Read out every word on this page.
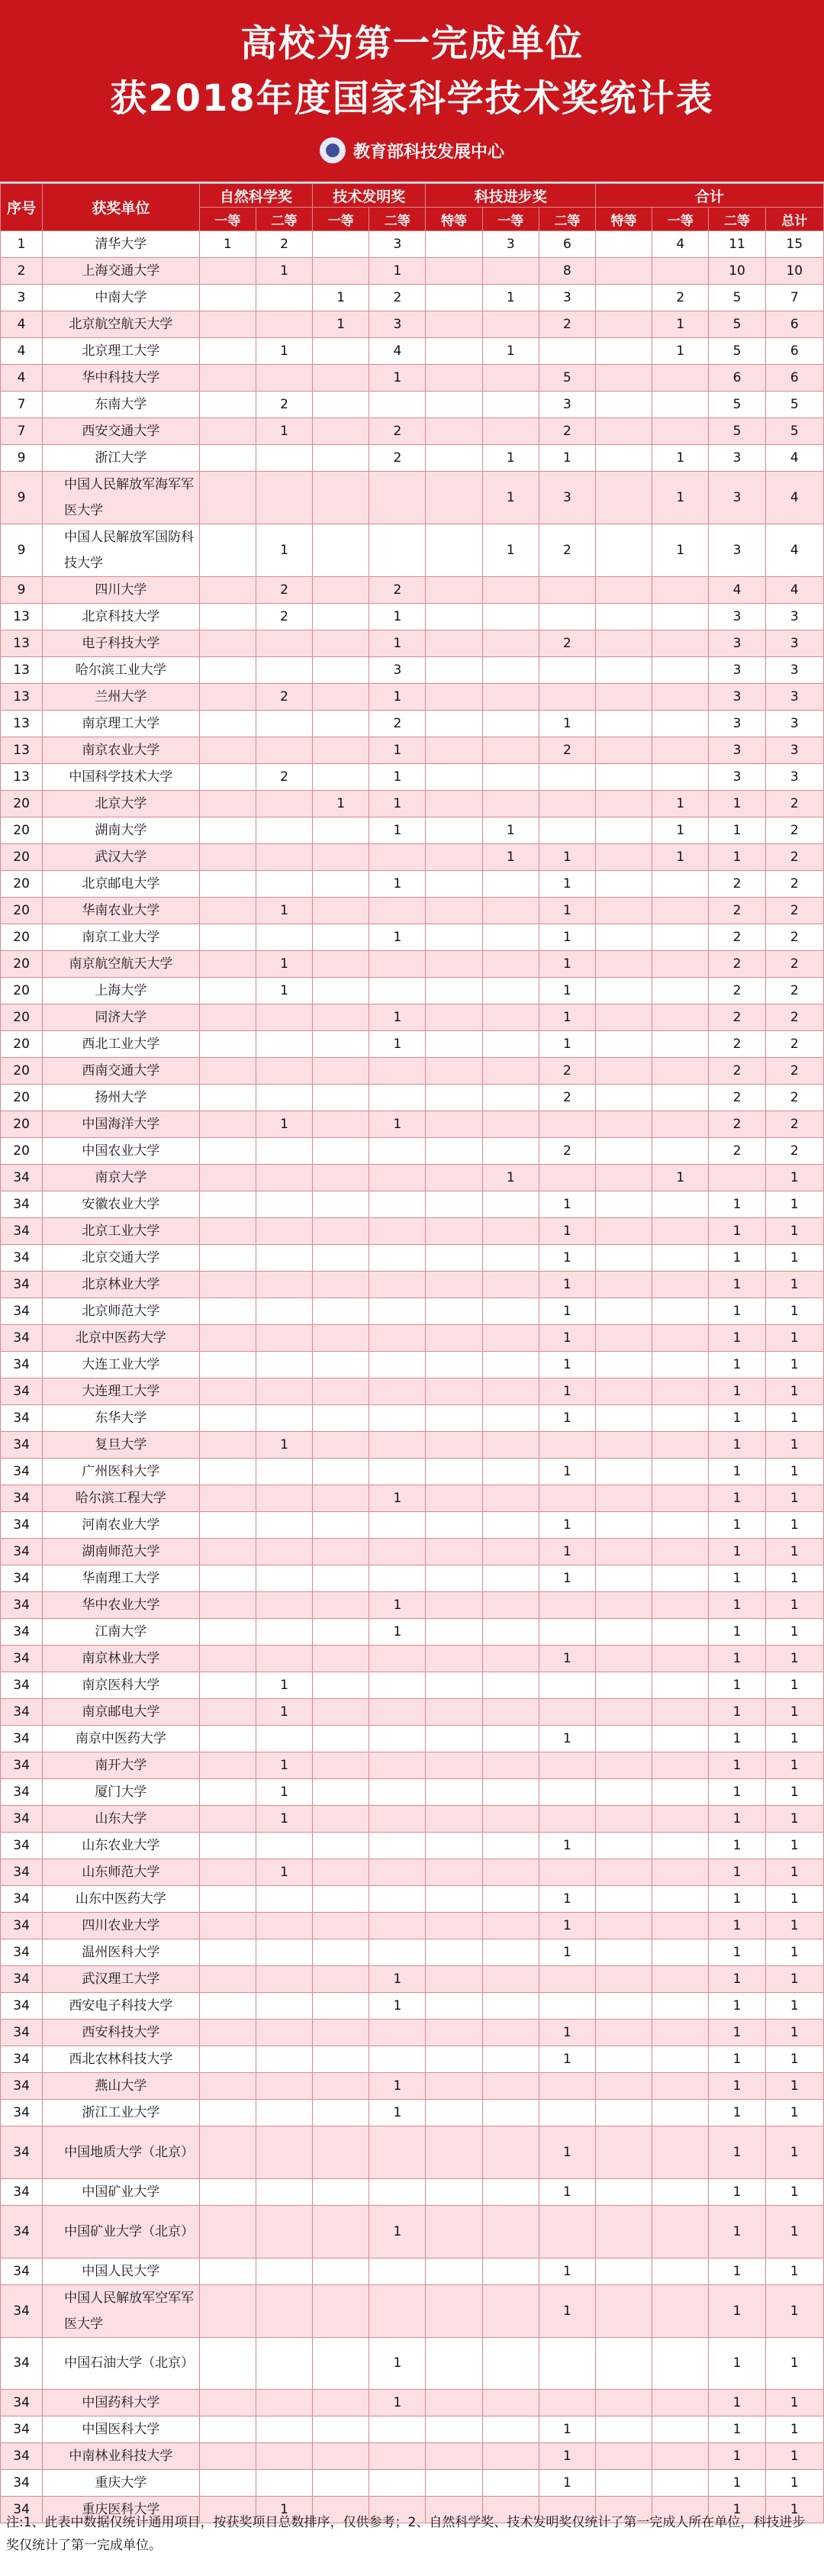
高校为第一完成单位
获2018年度国家科学技术奖统计表
教育部科技发展中心
序号	获奖单位	自然科学奖		技术发明奖		科技进步奖			合计			
		一等	二等	一等	二等	特等	一等	二等	特等	一等	二等	总计
1	清华大学	1	2		3		3	6		4	11	15
2	上海交通大学		1		1			8			10	10
3	中南大学			1	2		1	3		2	5	7
4	北京航空航天大学			1	3			2		1	5	6
4	北京理工大学		1		4		1			1	5	6
4	华中科技大学				1			5			6	6
7	东南大学		2					3			5	5
7	西安交通大学		1		2			2			5	5
9	浙江大学				2		1	1		1	3	4
9	中国人民解放军海军军医大学						1	3		1	3	4
9	中国人民解放军国防科技大学		1				1	2		1	3	4
9	四川大学		2		2						4	4
13	北京科技大学		2		1						3	3
13	电子科技大学				1			2			3	3
13	哈尔滨工业大学				3						3	3
13	兰州大学		2		1						3	3
13	南京理工大学				2			1			3	3
13	南京农业大学				1			2			3	3
13	中国科学技术大学		2		1						3	3
20	北京大学			1	1					1	1	2
20	湖南大学				1		1			1	1	2
20	武汉大学						1	1		1	1	2
20	北京邮电大学				1			1			2	2
20	华南农业大学		1					1			2	2
20	南京工业大学				1			1			2	2
20	南京航空航天大学		1					1			2	2
20	上海大学		1					1			2	2
20	同济大学				1			1			2	2
20	西北工业大学				1			1			2	2
20	西南交通大学							2			2	2
20	扬州大学							2			2	2
20	中国海洋大学		1		1						2	2
20	中国农业大学							2			2	2
34	南京大学						1			1		1
34	安徽农业大学							1			1	1
34	北京工业大学							1			1	1
34	北京交通大学							1			1	1
34	北京林业大学							1			1	1
34	北京师范大学							1			1	1
34	北京中医药大学							1			1	1
34	大连工业大学							1			1	1
34	大连理工大学							1			1	1
34	东华大学							1			1	1
34	复旦大学		1								1	1
34	广州医科大学							1			1	1
34	哈尔滨工程大学				1						1	1
34	河南农业大学							1			1	1
34	湖南师范大学							1			1	1
34	华南理工大学							1			1	1
34	华中农业大学				1						1	1
34	江南大学				1						1	1
34	南京林业大学							1			1	1
34	南京医科大学		1								1	1
34	南京邮电大学		1								1	1
34	南京中医药大学							1			1	1
34	南开大学		1								1	1
34	厦门大学		1								1	1
34	山东大学		1								1	1
34	山东农业大学							1			1	1
34	山东师范大学		1								1	1
34	山东中医药大学							1			1	1
34	四川农业大学							1			1	1
34	温州医科大学							1			1	1
34	武汉理工大学				1						1	1
34	西安电子科技大学				1						1	1
34	西安科技大学							1			1	1
34	西北农林科技大学							1			1	1
34	燕山大学				1						1	1
34	浙江工业大学				1						1	1
34	中国地质大学（北京）							1			1	1
34	中国矿业大学							1			1	1
34	中国矿业大学（北京）				1						1	1
34	中国人民大学							1			1	1
34	中国人民解放军空军军医大学							1			1	1
34	中国石油大学（北京）				1						1	1
34	中国药科大学				1						1	1
34	中国医科大学							1			1	1
34	中南林业科技大学							1			1	1
34	重庆大学							1			1	1
34	重庆医科大学		1								1	1
注:1、此表中数据仅统计通用项目，按获奖项目总数排序，仅供参考；2、自然科学奖、技术发明奖仅统计了第一完成人所在单位，科技进步奖仅统计了第一完成单位。
